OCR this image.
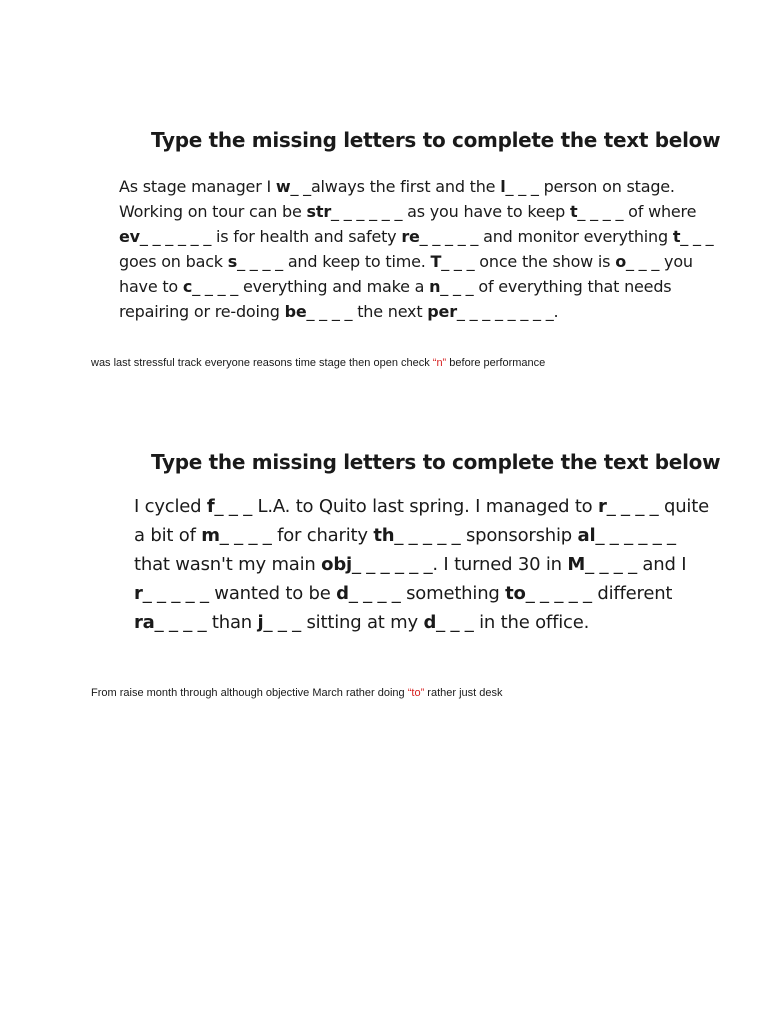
Type the missing letters to complete the text below

As stage manager I w_ _always the first and the l_ _ _ person on stage.
Working on tour can be str_ _ _ _ _ _ as you have to keep t_ _ _ _ of where
ev_ _ _ _ _ _ is for health and safety re_ _ _ _ _ and monitor everything t_ _ _
goes on back s_ _ _ _ and keep to time. T_ _ _ once the show is o_ _ _ you
have to c_ _ _ _ everything and make a n_ _ _ of everything that needs
repairing or re-doing be_ _ _ _ the next per_ _ _ _ _ _ _ _.

was last stressful track everyone reasons time stage then open check “n” before performance

Type the missing letters to complete the text below

I cycled f_ _ _ L.A. to Quito last spring. I managed to r_ _ _ _ quite
a bit of m_ _ _ _ for charity th_ _ _ _ _ sponsorship al_ _ _ _ _ _
that wasn't my main obj_ _ _ _ _ _. I turned 30 in M_ _ _ _ and I
r_ _ _ _ _ wanted to be d_ _ _ _ something to_ _ _ _ _ different
ra_ _ _ _ than j_ _ _ sitting at my d_ _ _ in the office.

From raise month through although objective March rather doing “to” rather just desk
